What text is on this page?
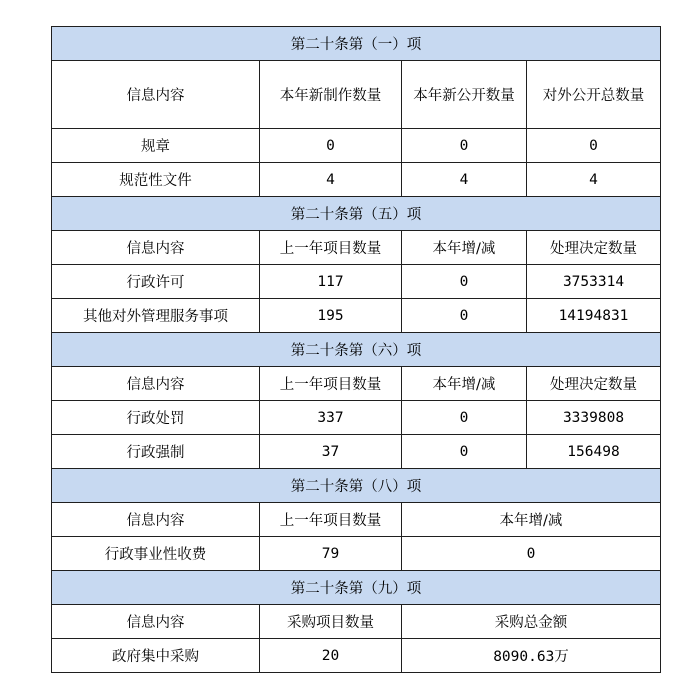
第二十条第（一）项			
信息内容	本年新制作数量	本年新公开数量	对外公开总数量
规章	0	0	0
规范性文件	4	4	4
第二十条第（五）项			
信息内容	上一年项目数量	本年增/减	处理决定数量
行政许可	117	0	3753314
其他对外管理服务事项	195	0	14194831
第二十条第（六）项			
信息内容	上一年项目数量	本年增/减	处理决定数量
行政处罚	337	0	3339808
行政强制	37	0	156498
第二十条第（八）项			
信息内容	上一年项目数量	本年增/减	
行政事业性收费	79	0	
第二十条第（九）项			
信息内容	采购项目数量	采购总金额	
政府集中采购	20	8090.63万	
